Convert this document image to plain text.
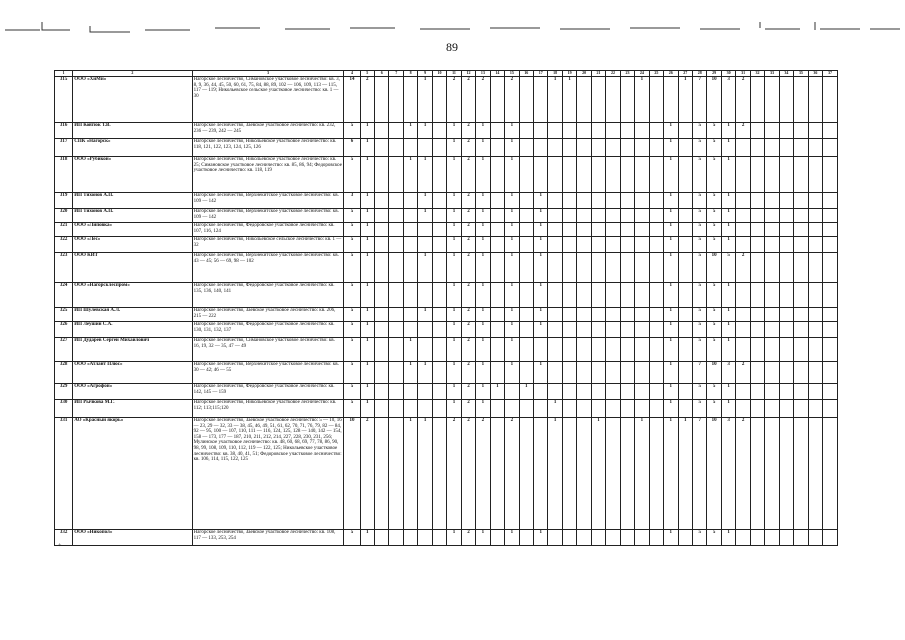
89
+
1	2	3	4	5	6	7	8	9	10	11	12	13	14	15	16	17	18	19	20	21	22	23	24	25	26	27	28	29	30	31	32	33	34	35	36	37
315	ООО «ХиМи»	Нагорское лесничество, Симановское участковое лесничество: кв. 3, 8, 9, 36, 44, 45, 50, 60, 61, 75, 84, 88, 89, 102 — 106, 109, 113 — 115, 117 — 119; Никольевское сельское участковое лесничество: кв. 1 — 30	14	2				1		2	2	2		2			1	1					1			1	7	10	3	2						
316	ИП Ковтюк Т.В.	Нагорское лесничество, Заевское участковое лесничество: кв. 232, 236 — 239, 242 — 245	5	1			1	1		1	2	1		1											1		5	5	1	2						
317	СПК «Нагорск»	Нагорское лесничество, Никольевское участковое лесничество: кв. 118, 121, 122, 123, 124, 125, 126	6	1						1	2	1		1											1		5	5	1							
318	ООО «Рубикон»	Нагорское лесничество, Никольевское участковое лесничество: кв. 25; Симановское участковое лесничество: кв. 85, 86, 94; Федоровское участковое лесничество: кв. 118, 119	5	1			1	1		1	2	1		1											1		5	5	1							
319	ИП Тихонов А.П.	Нагорское лесничество, Верхнекитское участковое лесничество: кв. 109 — 142	3	1				1		1	2	1		1		1									1		5	5	1							
320	ИП Тихонов А.П.	Нагорское лесничество, Верхнекитское участковое лесничество: кв. 109 — 142	5	1				1		1	2	1		1		1									1		5	5	1							
321	ООО «Липовка»	Нагорское лесничество, Федоровское участковое лесничество: кв. 107, 116, 124	5	1						1	2	1		1		1									1		5	5	1							
322	ООО «Лес»	Нагорское лесничество, Никольевское сельское лесничество: кв. 1 — 32	5	1						1	2	1		1		1									1		5	5	1							
323	ООО КИТ	Нагорское лесничество, Верхнекитское участковое лесничество: кв. 43 — 45; 56 — 69, 98 — 102	5	1				1		1	2	1		1		1									1		5	10	5	2						
324	ООО «Нагорсклеспром»	Нагорское лесничество, Федоровское участковое лесничество: кв. 135, 136, 140, 141	5	1						1	2	1		1		1									1		5	5	1							
325	ИП Шулевская А.Л.	Нагорское лесничество, Заевское участковое лесничество: кв. 206, 215 — 222	5	1				1		1	2	1		1		1									1		5	5	1							
326	ИП Леушин С.А.	Нагорское лесничество, Федоровское участковое лесничество: кв. 130, 131, 132, 137	5	1						1	2	1		1		1									1		5	5	1							
327	ИП Дударев Сергей Михайлович	Нагорское лесничество, Симановское участковое лесничество: кв. 16, 19, 32 — 35, 47 — 49	5	1			1			1	2	1		1											1		5	5	1							
328	ООО «Атлант Плюс»	Нагорское лесничество, Верхнекитское участковое лесничество: кв. 30 — 42; 46 — 55	5	1			1	1		1	2	1		1		1									1		7	10	3	2						
329	ООО «Агрофон»	Нагорское лесничество, Федоровское участковое лесничество: кв. 142, 145 — 159	5	1						1	2	1	1		1										1		5	5	1							
330	ИП Рычкова М.Г.	Нагорское лесничество, Никольевское участковое лесничество: кв. 112; 113;115;120	5	1						1	2	1					1								1		5	5	1							
331	АО «Красный якорь»	Нагорское лесничество, Заевское участковое лесничество: 5 — 10, 16 — 23, 29 — 32, 33 — 38, 45, 46, 49, 51, 61, 62, 70, 71, 76, 79, 82 — 84, 92 — 95, 100 — 107, 110, 111 — 116, 124, 125, 128 — 140, 142 — 154, 158 — 173, 177 — 187, 210, 211, 212, 214, 227, 228, 230, 231, 256; Мулинское участковое лесничество: кв. 48, 60, 68, 69, 77, 78, 86, 90, 98, 99, 108, 109, 110, 112, 119 — 122, 125; Никольевское участковое лесничество: кв. 38, 40, 41, 51; Федоровское участковое лесничество: кв. 106, 114, 115, 122, 125	10	2			1	1		2	2	2		2			1			1			1		1	1	7	10	3	2						
332	ООО «Никопол»	Нагорское лесничество, Заевское участковое лесничество: кв. 108, 117 — 133, 253, 254	5	1						1	2	1		1		1									1		5	5	1							
